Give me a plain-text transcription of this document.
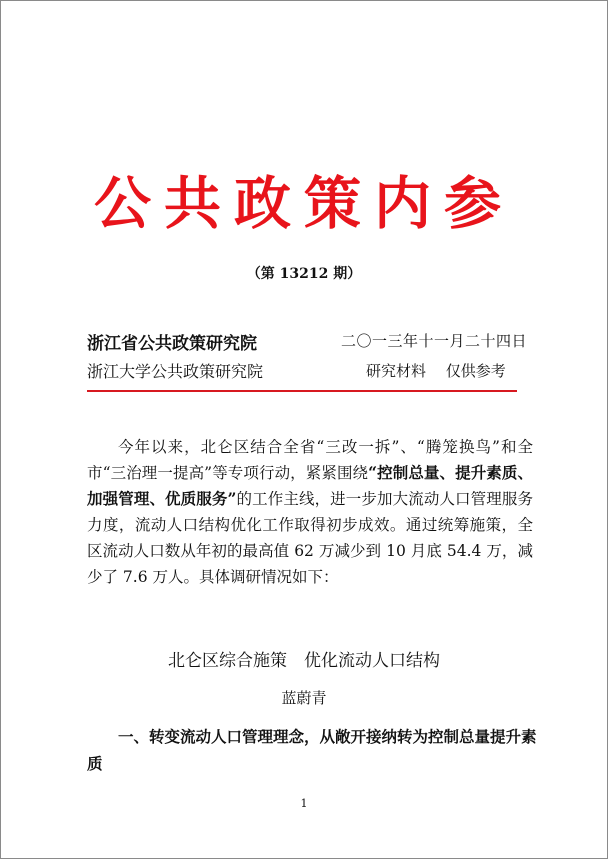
公共政策内参
（第 13212 期）
浙江省公共政策研究院	二〇一三年十一月二十四日
浙江大学公共政策研究院	研究材料　 仅供参考

今年以来，北仑区结合全省“三改一拆”、“腾笼换鸟”和全市“三治理一提高”等专项行动，紧紧围绕“控制总量、提升素质、加强管理、优质服务”的工作主线，进一步加大流动人口管理服务力度，流动人口结构优化工作取得初步成效。通过统筹施策，全区流动人口数从年初的最高值 62 万减少到 10 月底 54.4 万，减少了 7.6 万人。具体调研情况如下：

北仑区综合施策　优化流动人口结构
蓝蔚青

一、转变流动人口管理理念，从敞开接纳转为控制总量提升素质

1
